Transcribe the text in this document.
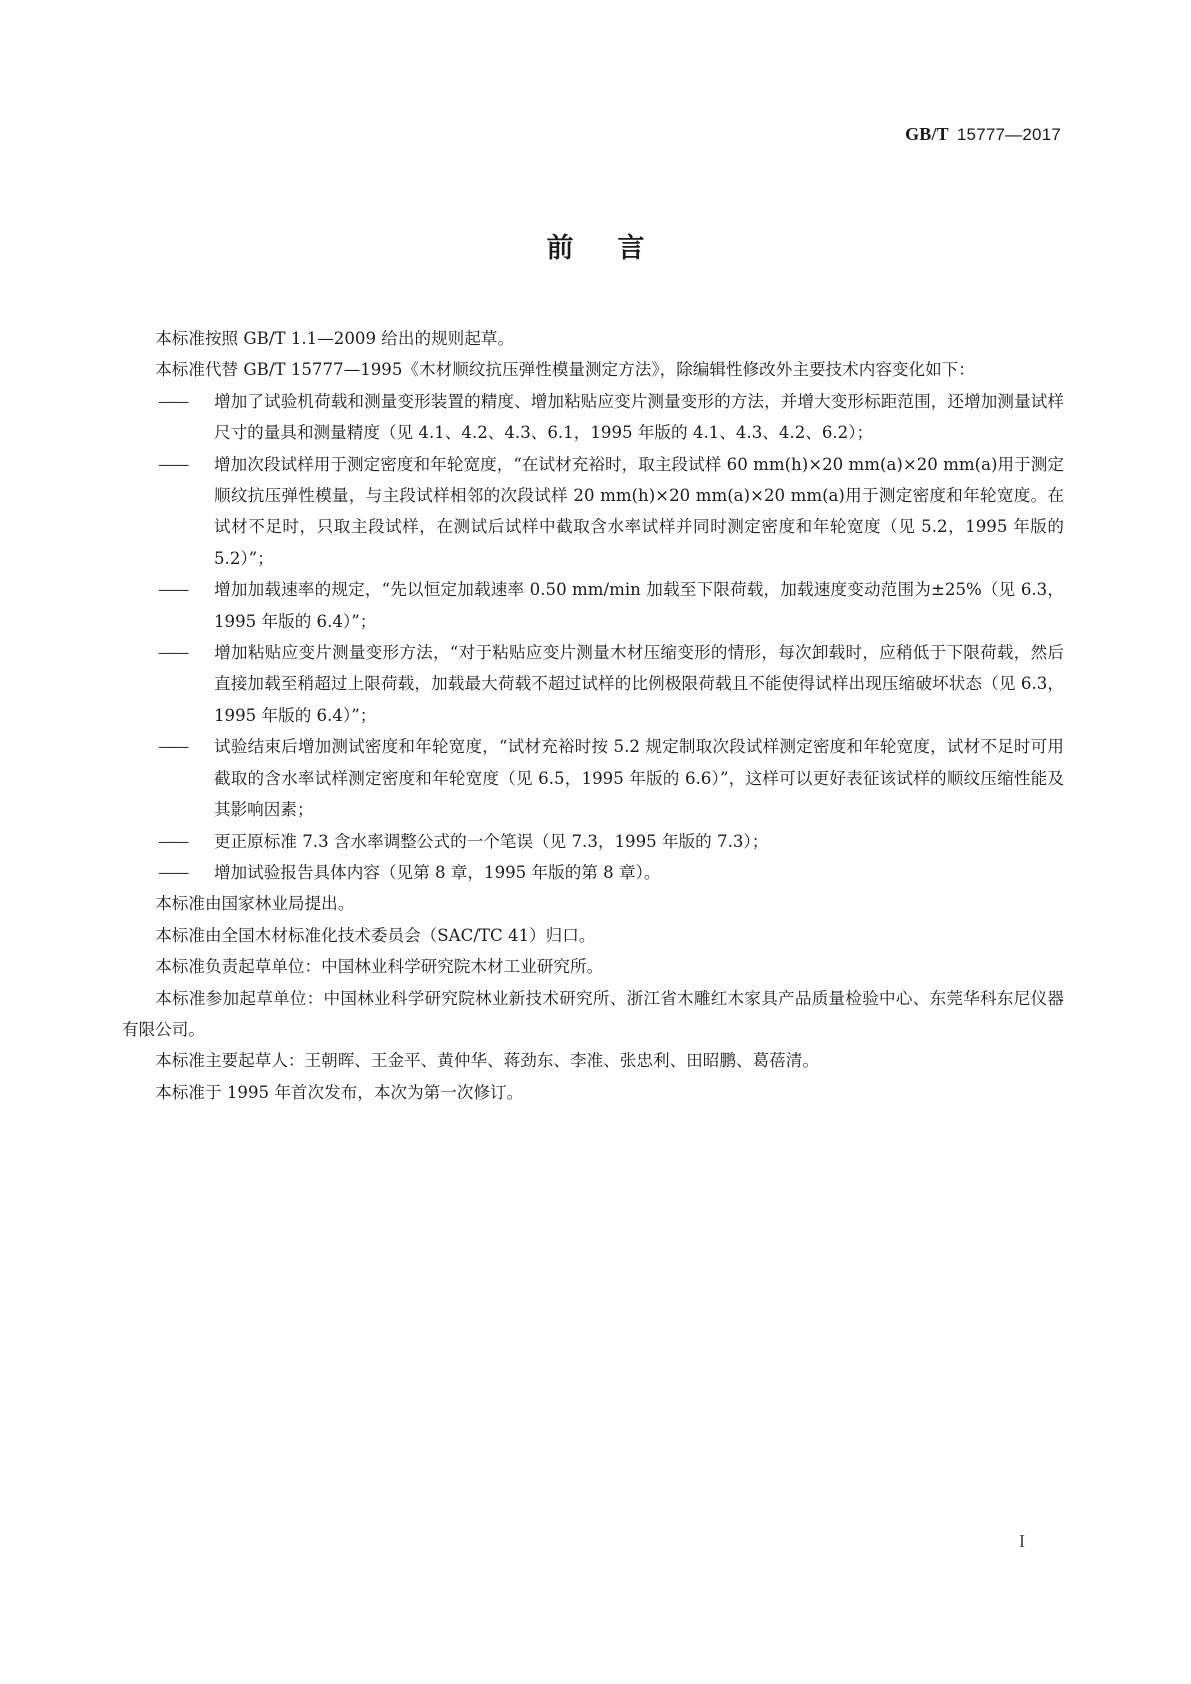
GB/T 15777—2017
前言

本标准按照 GB/T 1.1—2009 给出的规则起草。

本标准代替 GB/T 15777—1995《木材顺纹抗压弹性模量测定方法》，除编辑性修改外主要技术内容变化如下：

—— 增加了试验机荷载和测量变形装置的精度、增加粘贴应变片测量变形的方法，并增大变形标距范围，还增加测量试样尺寸的量具和测量精度（见 4.1、4.2、4.3、6.1，1995 年版的 4.1、4.3、4.2、6.2）；

—— 增加次段试样用于测定密度和年轮宽度，“在试材充裕时，取主段试样 60 mm(h)×20 mm(a)×20 mm(a)用于测定顺纹抗压弹性模量，与主段试样相邻的次段试样 20 mm(h)×20 mm(a)×20 mm(a)用于测定密度和年轮宽度。在试材不足时，只取主段试样，在测试后试样中截取含水率试样并同时测定密度和年轮宽度（见 5.2，1995 年版的 5.2）”；

—— 增加加载速率的规定，“先以恒定加载速率 0.50 mm/min 加载至下限荷载，加载速度变动范围为±25%（见 6.3，1995 年版的 6.4）”；

—— 增加粘贴应变片测量变形方法，“对于粘贴应变片测量木材压缩变形的情形，每次卸载时，应稍低于下限荷载，然后直接加载至稍超过上限荷载，加载最大荷载不超过试样的比例极限荷载且不能使得试样出现压缩破坏状态（见 6.3，1995 年版的 6.4）”；

—— 试验结束后增加测试密度和年轮宽度，“试材充裕时按 5.2 规定制取次段试样测定密度和年轮宽度，试材不足时可用截取的含水率试样测定密度和年轮宽度（见 6.5，1995 年版的 6.6）”，这样可以更好表征该试样的顺纹压缩性能及其影响因素；

—— 更正原标准 7.3 含水率调整公式的一个笔误（见 7.3，1995 年版的 7.3）；

—— 增加试验报告具体内容（见第 8 章，1995 年版的第 8 章）。

本标准由国家林业局提出。

本标准由全国木材标准化技术委员会（SAC/TC 41）归口。

本标准负责起草单位：中国林业科学研究院木材工业研究所。

本标准参加起草单位：中国林业科学研究院林业新技术研究所、浙江省木雕红木家具产品质量检验中心、东莞华科东尼仪器有限公司。

本标准主要起草人：王朝晖、王金平、黄仲华、蒋劲东、李准、张忠利、田昭鹏、葛蓓清。

本标准于 1995 年首次发布，本次为第一次修订。

I
